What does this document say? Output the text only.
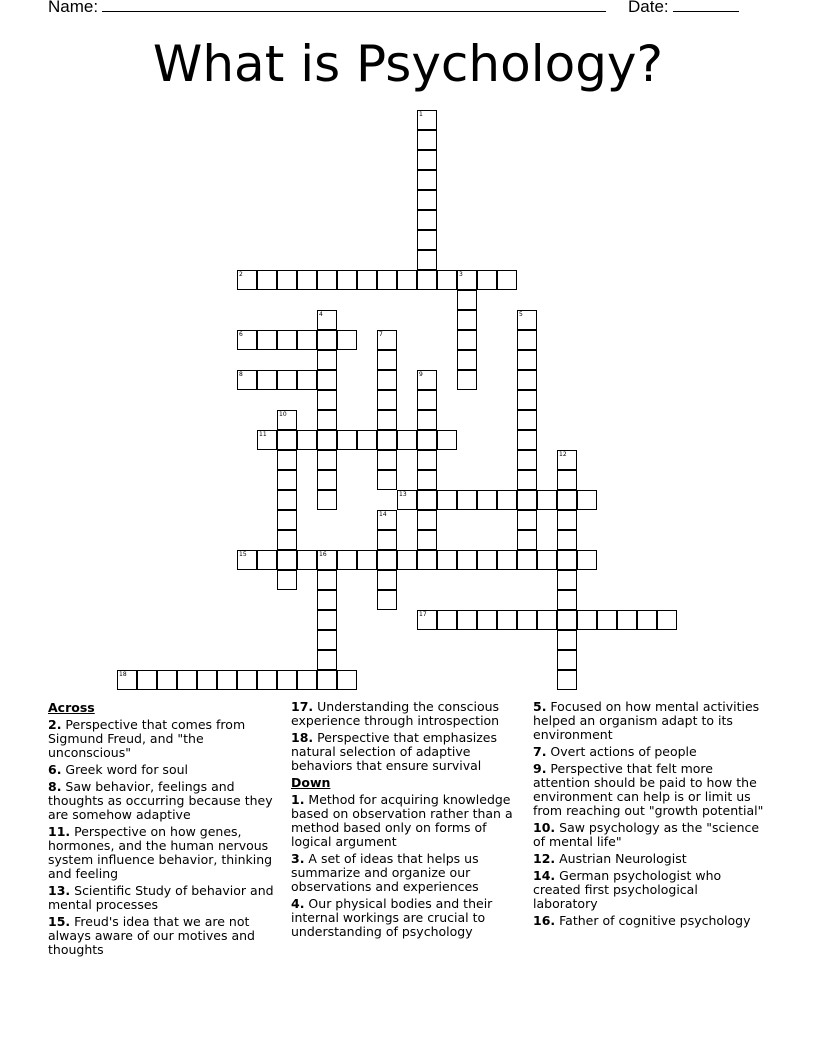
Name:	Date:
What is Psychology?
1
2	3
4	5
6	7
8	9
10
11
12
13
14
15	16
17
18
Across
2. Perspective that comes from Sigmund Freud, and "the unconscious"
6. Greek word for soul
8. Saw behavior, feelings and thoughts as occurring because they are somehow adaptive
11. Perspective on how genes, hormones, and the human nervous system influence behavior, thinking and feeling
13. Scientific Study of behavior and mental processes
15. Freud's idea that we are not always aware of our motives and thoughts
17. Understanding the conscious experience through introspection
18. Perspective that emphasizes natural selection of adaptive behaviors that ensure survival
Down
1. Method for acquiring knowledge based on observation rather than a method based only on forms of logical argument
3. A set of ideas that helps us summarize and organize our observations and experiences
4. Our physical bodies and their internal workings are crucial to understanding of psychology
5. Focused on how mental activities helped an organism adapt to its environment
7. Overt actions of people
9. Perspective that felt more attention should be paid to how the environment can help is or limit us from reaching out "growth potential"
10. Saw psychology as the "science of mental life"
12. Austrian Neurologist
14. German psychologist who created first psychological laboratory
16. Father of cognitive psychology
